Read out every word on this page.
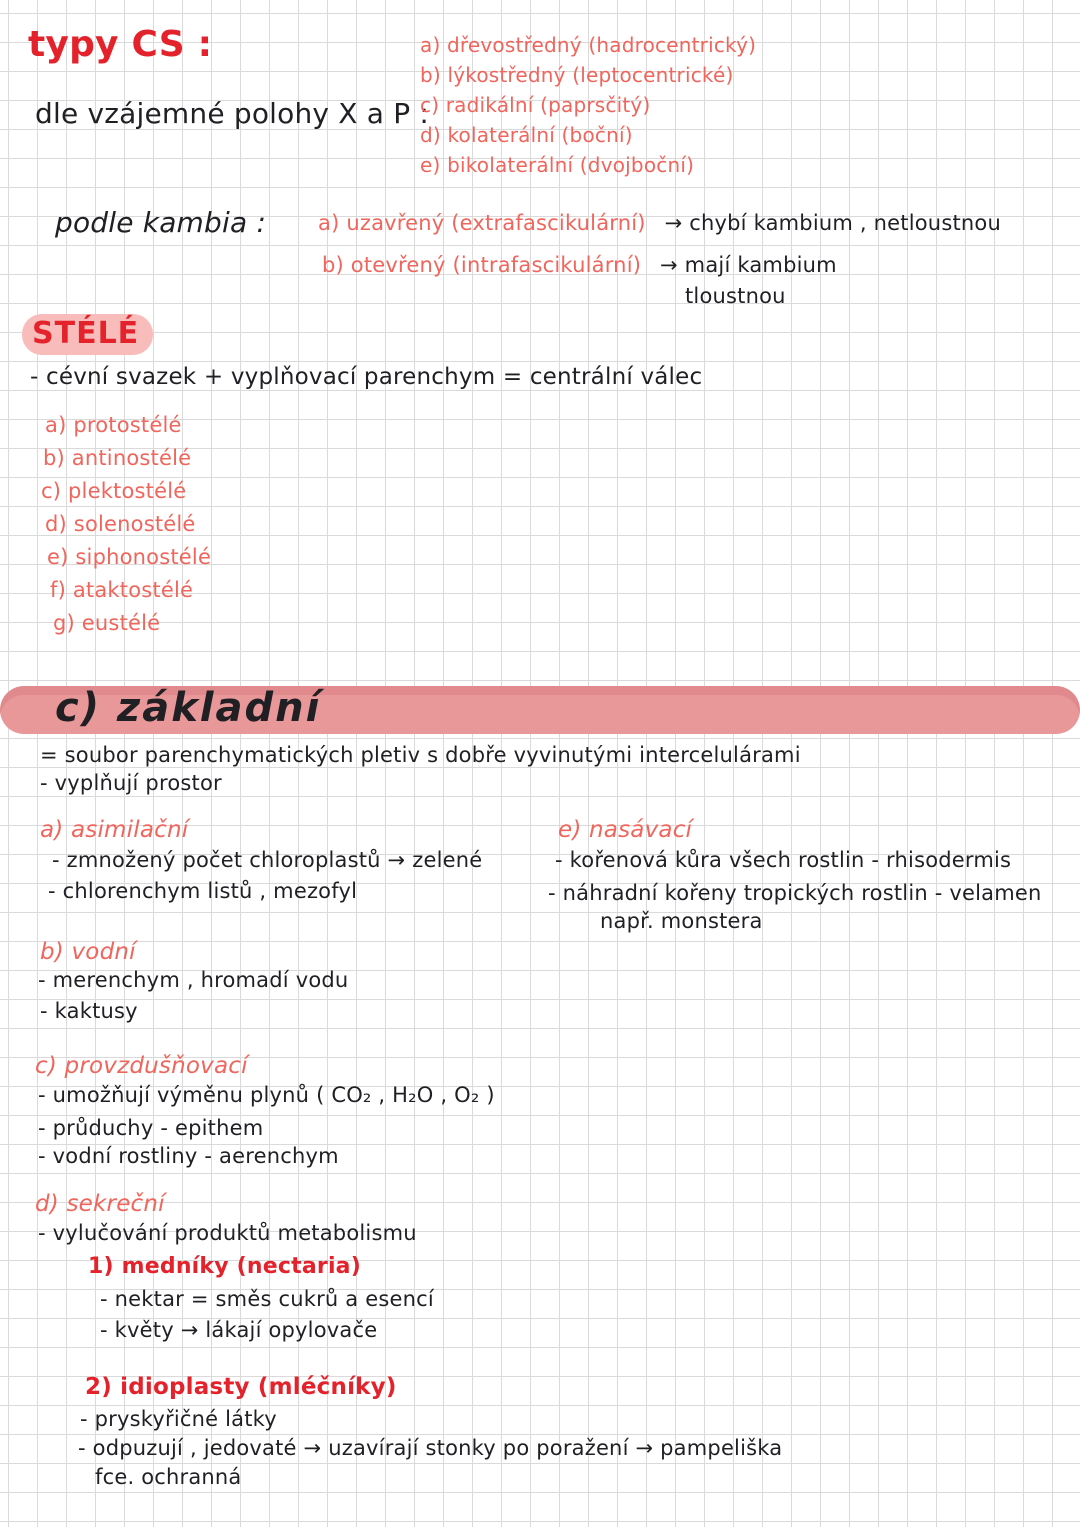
typy CS :
dle vzájemné polohy X a P :
a) dřevostředný (hadrocentrický)
b) lýkostředný (leptocentrické)
c) radikální (paprsčitý)
d) kolaterální (boční)
e) bikolaterální (dvojboční)
podle kambia : a) uzavřený (extrafascikulární) → chybí kambium , netloustnou
b) otevřený (intrafascikulární) → mají kambium
tloustnou
STÉLÉ
- cévní svazek + vyplňovací parenchym = centrální válec
a) protostélé
b) antinostélé
c) plektostélé
d) solenostélé
e) siphonostélé
f) ataktostélé
g) eustélé
c) základní
= soubor parenchymatických pletiv s dobře vyvinutými intercelulárami
- vyplňují prostor
a) asimilační
- zmnožený počet chloroplastů → zelené
- chlorenchym listů , mezofyl
e) nasávací
- kořenová kůra všech rostlin - rhisodermis
- náhradní kořeny tropických rostlin - velamen
např. monstera
b) vodní
- merenchym , hromadí vodu
- kaktusy
c) provzdušňovací
- umožňují výměnu plynů ( CO₂ , H₂O , O₂ )
- průduchy - epithem
- vodní rostliny - aerenchym
d) sekreční
- vylučování produktů metabolismu
1) medníky (nectaria)
- nektar = směs cukrů a esencí
- květy → lákají opylovače
2) idioplasty (mléčníky)
- pryskyřičné látky
- odpuzují , jedovaté → uzavírají stonky po poražení → pampeliška
fce. ochranná
